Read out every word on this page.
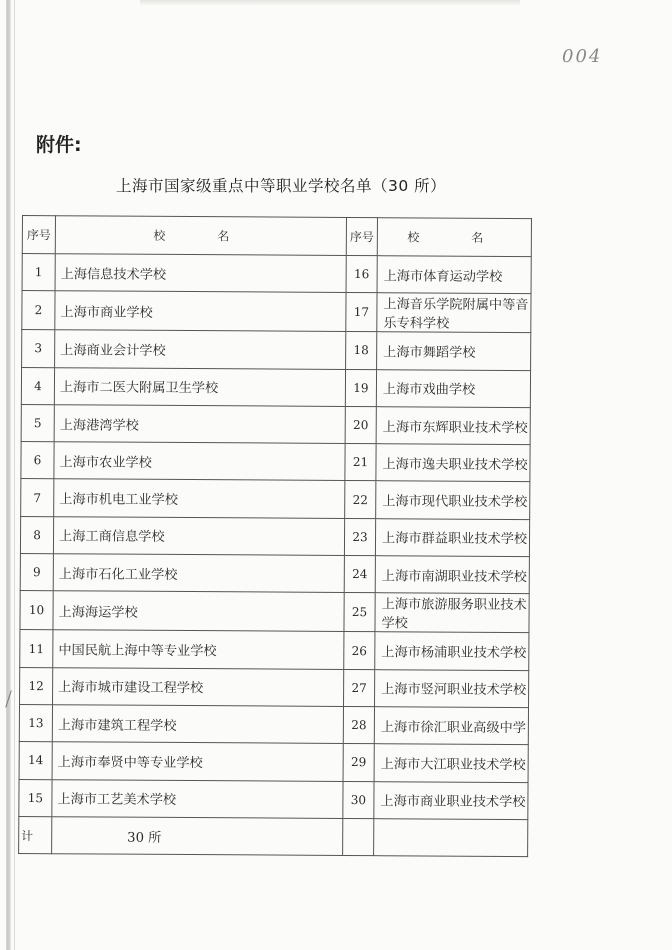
004
附件:
上海市国家级重点中等职业学校名单（30 所）
序号	校 名	序号	校 名
1	上海信息技术学校	16	上海市体育运动学校
2	上海市商业学校	17	上海音乐学院附属中等音乐专科学校
3	上海商业会计学校	18	上海市舞蹈学校
4	上海市二医大附属卫生学校	19	上海市戏曲学校
5	上海港湾学校	20	上海市东辉职业技术学校
6	上海市农业学校	21	上海市逸夫职业技术学校
7	上海市机电工业学校	22	上海市现代职业技术学校
8	上海工商信息学校	23	上海市群益职业技术学校
9	上海市石化工业学校	24	上海市南湖职业技术学校
10	上海海运学校	25	上海市旅游服务职业技术学校
11	中国民航上海中等专业学校	26	上海市杨浦职业技术学校
12	上海市城市建设工程学校	27	上海市竖河职业技术学校
13	上海市建筑工程学校	28	上海市徐汇职业高级中学
14	上海市奉贤中等专业学校	29	上海市大江职业技术学校
15	上海市工艺美术学校	30	上海市商业职业技术学校
计	30 所		
